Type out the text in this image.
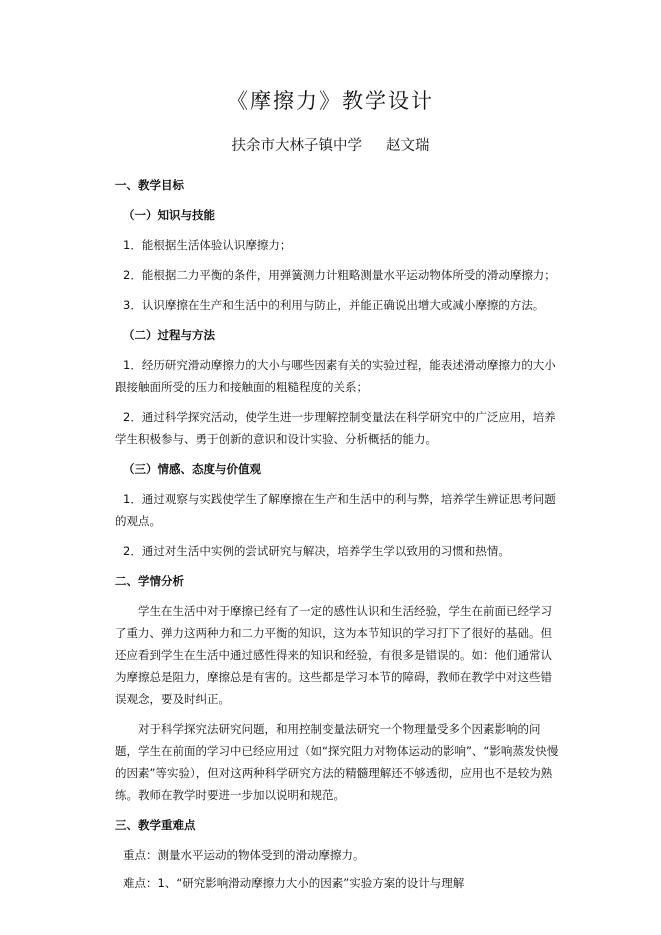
《摩擦力》教学设计
扶余市大林子镇中学 赵文瑞
一、教学目标
（一）知识与技能
1．能根据生活体验认识摩擦力；
2．能根据二力平衡的条件，用弹簧测力计粗略测量水平运动物体所受的滑动摩擦力；
3．认识摩擦在生产和生活中的利用与防止，并能正确说出增大或减小摩擦的方法。
（二）过程与方法
1．经历研究滑动摩擦力的大小与哪些因素有关的实验过程，能表述滑动摩擦力的大小跟接触面所受的压力和接触面的粗糙程度的关系；
2．通过科学探究活动，使学生进一步理解控制变量法在科学研究中的广泛应用，培养学生积极参与、勇于创新的意识和设计实验、分析概括的能力。
（三）情感、态度与价值观
1．通过观察与实践使学生了解摩擦在生产和生活中的利与弊，培养学生辨证思考问题的观点。
2．通过对生活中实例的尝试研究与解决，培养学生学以致用的习惯和热情。
二、学情分析
学生在生活中对于摩擦已经有了一定的感性认识和生活经验，学生在前面已经学习了重力、弹力这两种力和二力平衡的知识，这为本节知识的学习打下了很好的基础。但还应看到学生在生活中通过感性得来的知识和经验，有很多是错误的。如：他们通常认为摩擦总是阻力，摩擦总是有害的。这些都是学习本节的障碍，教师在教学中对这些错误观念，要及时纠正。
对于科学探究法研究问题，和用控制变量法研究一个物理量受多个因素影响的问题，学生在前面的学习中已经应用过（如“探究阻力对物体运动的影响”、“影响蒸发快慢的因素”等实验），但对这两种科学研究方法的精髓理解还不够透彻，应用也不是较为熟练。教师在教学时要进一步加以说明和规范。
三、教学重难点
重点：测量水平运动的物体受到的滑动摩擦力。
难点：1、“研究影响滑动摩擦力大小的因素”实验方案的设计与理解
